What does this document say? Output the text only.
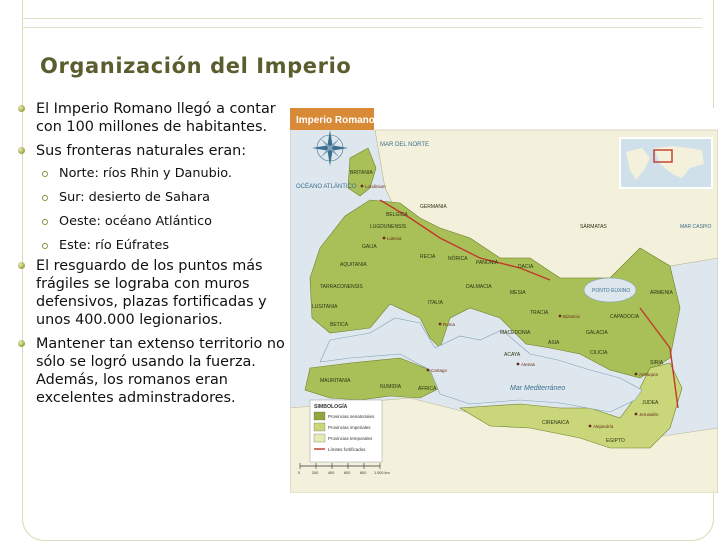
Organización del Imperio
El Imperio Romano llegó a contar con 100 millones de habitantes.
Sus fronteras naturales eran:
Norte: ríos Rhin y Danubio.
Sur: desierto de Sahara
Oeste: océano Atlántico
Este: río Eúfrates
El resguardo de los puntos más frágiles se lograba con muros defensivos, plazas fortificadas y unos 400.000 legionarios.
Mantener tan extenso territorio no sólo se logró usando la fuerza. Además, los romanos eran excelentes adminstradores.
Imperio Romano
OCÉANO ATLÁNTICO
MAR DEL NORTE
Mar Mediterráneo
PONTO EUXINO
MAR CASPIO
BRITANIA
GERMANIA
GALIA
AQUITANIA
LUGDUNENSIS
BELGICA
TARRACONENSIS
LUSITANIA
BETICA
ITALIA
RECIA	NÓRICA
PANONIA
DACIA
DALMACIA
MESIA
TRACIA
MACEDONIA
ACAYA
ASIA
GALACIA
CAPADOCIA
ARMENIA
CILICIA
SIRIA
JUDEA
EGIPTO
CIRENAICA
ÁFRICA
NUMIDIA
MAURITANIA
SÁRMATAS
Roma
Cartago
Alejandría
Atenas
Bizancio
Antioquía
Jerusalén
Londinium
Lutecia
SIMBOLOGÍA
Provincias senatoriales
Provincias imperiales
Provincias temporales
Límites fortificados
0	200	400	600	800 1.000 km
